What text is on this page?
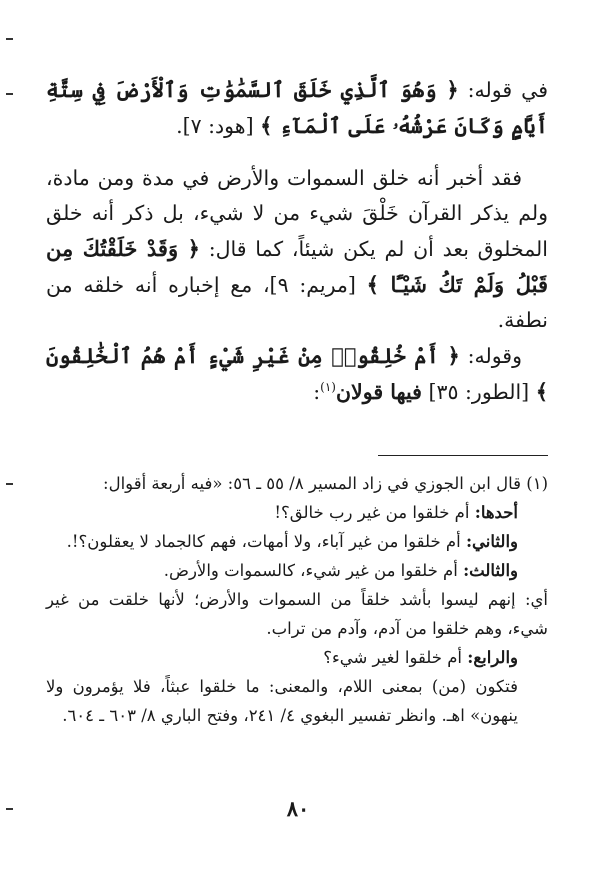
في قوله: ﴿ وَهُوَ ٱلَّذِي خَلَقَ ٱلسَّمَٰوَٰتِ وَٱلْأَرْضَ فِي سِتَّةِ أَيَّامٍ وَكَانَ عَرْشُهُۥ عَلَى ٱلْمَآءِ ﴾ [هود: ٧].

فقد أخبر أنه خلق السموات والأرض في مدة ومن مادة، ولم يذكر القرآن خَلْقَ شيء من لا شيء، بل ذكر أنه خلق المخلوق بعد أن لم يكن شيئاً، كما قال: ﴿ وَقَدْ خَلَقْتُكَ مِن قَبْلُ وَلَمْ تَكُ شَيْـًٔا ﴾ [مريم: ٩]، مع إخباره أنه خلقه من نطفة.

وقوله: ﴿ أَمْ خُلِقُوا۟ مِنْ غَيْرِ شَيْءٍ أَمْ هُمُ ٱلْخَٰلِقُونَ ﴾ [الطور: ٣٥] فيها قولان$^{(١)}$:

(١) قال ابن الجوزي في زاد المسير ٨/ ٥٥ ـ ٥٦: «فيه أربعة أقوال:

أحدها: أم خلقوا من غير رب خالق؟!

والثاني: أم خلقوا من غير آباء، ولا أمهات، فهم كالجماد لا يعقلون؟!.

والثالث: أم خلقوا من غير شيء، كالسموات والأرض.

أي: إنهم ليسوا بأشد خلقاً من السموات والأرض؛ لأنها خلقت من غير شيء، وهم خلقوا من آدم، وآدم من تراب.

والرابع: أم خلقوا لغير شيء؟

فتكون (من) بمعنى اللام، والمعنى: ما خلقوا عبثاً، فلا يؤمرون ولا ينهون» اهـ. وانظر تفسير البغوي ٤/ ٢٤١، وفتح الباري ٨/ ٦٠٣ ـ ٦٠٤.

٨٠
